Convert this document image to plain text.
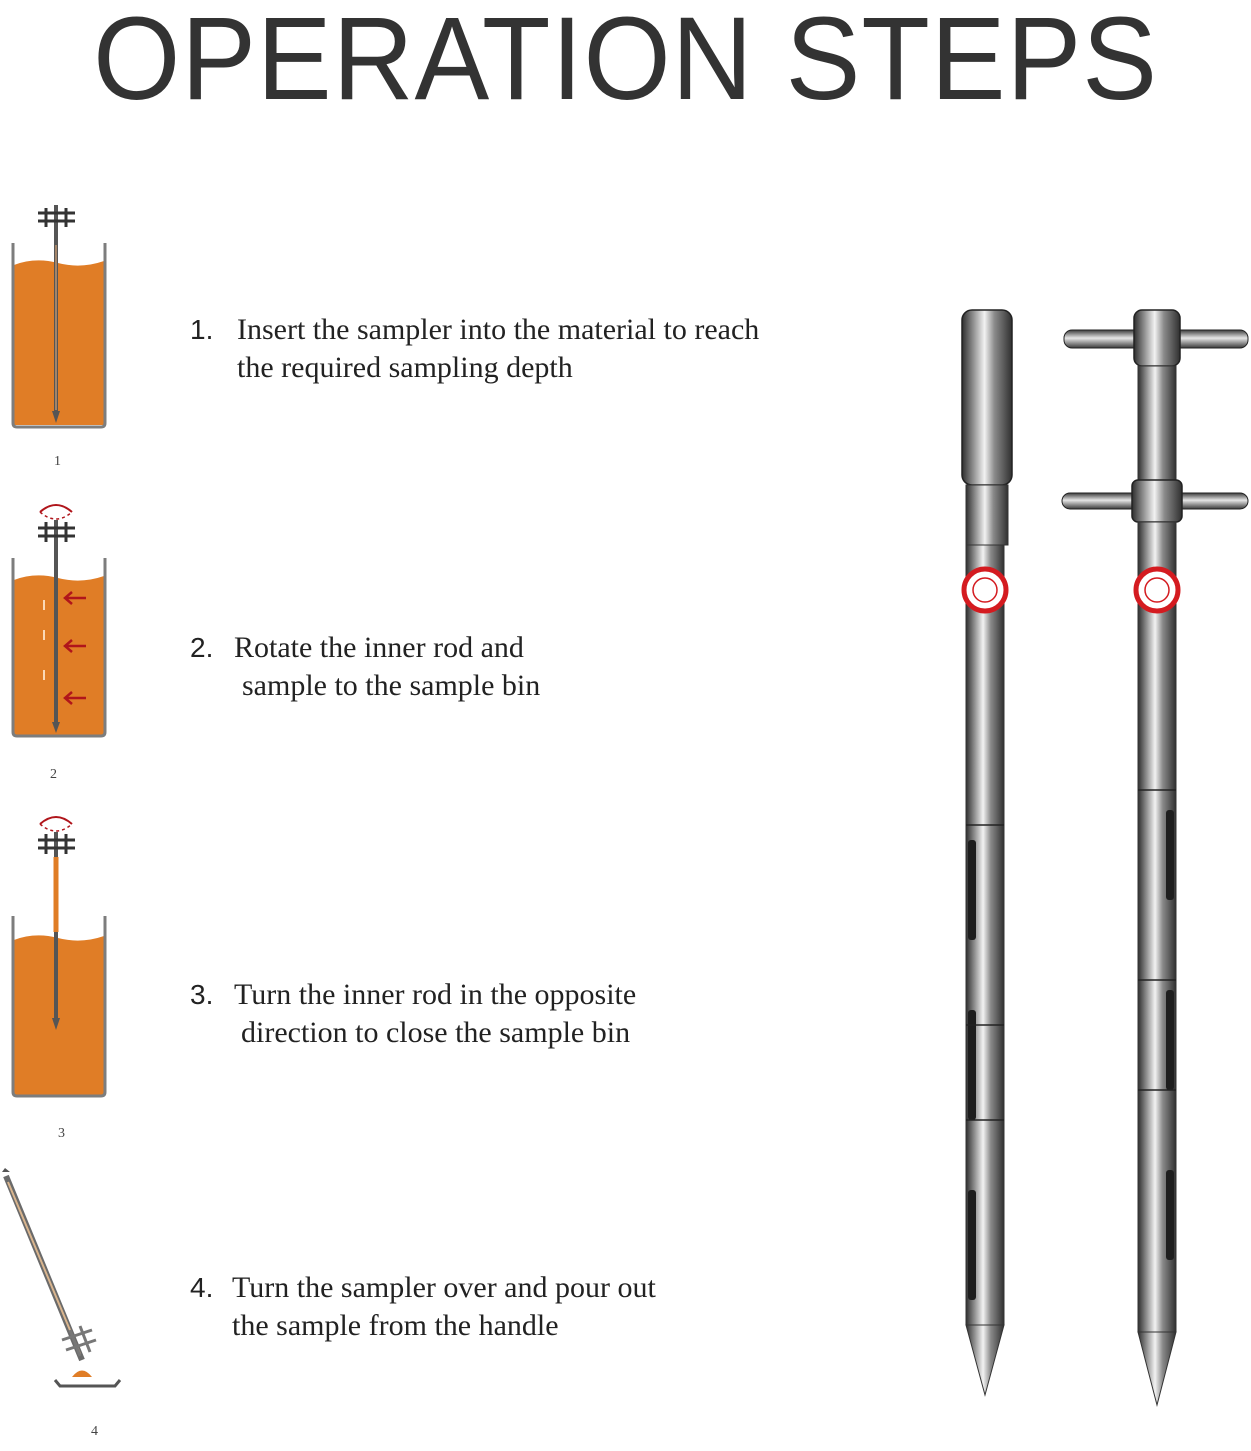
OPERATION STEPS
1
2
3
4
1. Insert the sampler into the material to reach
the required sampling depth
2. Rotate the inner rod and
sample to the sample bin
3. Turn the inner rod in the opposite
direction to close the sample bin
4. Turn the sampler over and pour out
the sample from the handle
